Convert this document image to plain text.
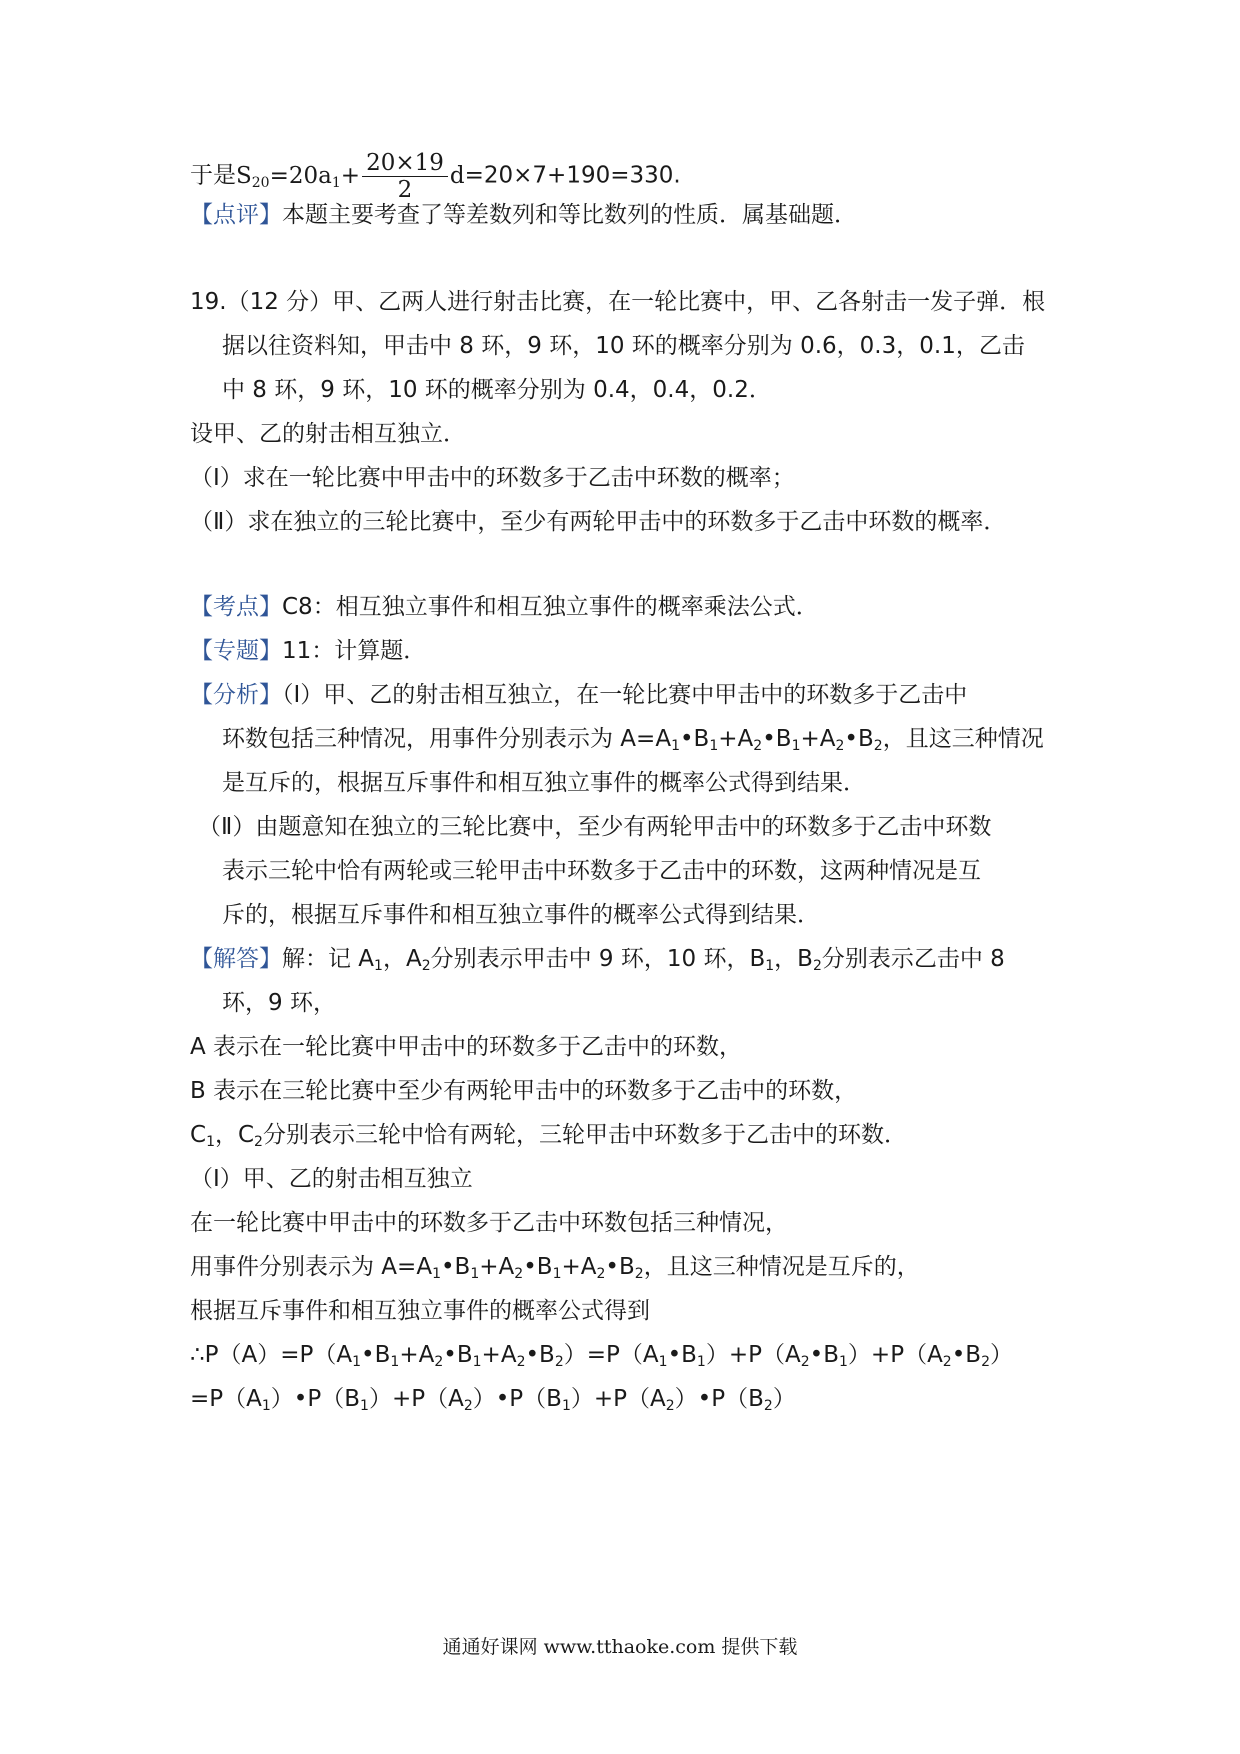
于是$S_{20}=20a_1+ \frac{20\times 19}{2} d=20\times 7+190=330$.
【点评】本题主要考查了等差数列和等比数列的性质．属基础题．
19.（12 分）甲、乙两人进行射击比赛，在一轮比赛中，甲、乙各射击一发子弹．根
据以往资料知，甲击中 8 环，9 环，10 环的概率分别为 0.6，0.3，0.1，乙击
中 8 环，9 环，10 环的概率分别为 0.4，0.4，0.2．
设甲、乙的射击相互独立．
（Ⅰ）求在一轮比赛中甲击中的环数多于乙击中环数的概率；
（Ⅱ）求在独立的三轮比赛中，至少有两轮甲击中的环数多于乙击中环数的概率．
【考点】C8：相互独立事件和相互独立事件的概率乘法公式．
【专题】11：计算题．
【分析】（Ⅰ）甲、乙的射击相互独立，在一轮比赛中甲击中的环数多于乙击中
环数包括三种情况，用事件分别表示为 $A=A_1•B_1+A_2•B_1+A_2•B_2$，且这三种情况
是互斥的，根据互斥事件和相互独立事件的概率公式得到结果．
（Ⅱ）由题意知在独立的三轮比赛中，至少有两轮甲击中的环数多于乙击中环数
表示三轮中恰有两轮或三轮甲击中环数多于乙击中的环数，这两种情况是互
斥的，根据互斥事件和相互独立事件的概率公式得到结果．
【解答】解：记 $A_1$，$A_2$分别表示甲击中 9 环，10 环，$B_1$，$B_2$分别表示乙击中 8
环，9 环，
A 表示在一轮比赛中甲击中的环数多于乙击中的环数，
B 表示在三轮比赛中至少有两轮甲击中的环数多于乙击中的环数，
$C_1$，$C_2$分别表示三轮中恰有两轮，三轮甲击中环数多于乙击中的环数．
（Ⅰ）甲、乙的射击相互独立
在一轮比赛中甲击中的环数多于乙击中环数包括三种情况，
用事件分别表示为 $A=A_1•B_1+A_2•B_1+A_2•B_2$，且这三种情况是互斥的，
根据互斥事件和相互独立事件的概率公式得到
$\therefore P(A)=P(A_1•B_1+A_2•B_1+A_2•B_2)=P(A_1•B_1)+P(A_2•B_1)+P(A_2•B_2)$
$=P(A_1)•P(B_1)+P(A_2)•P(B_1)+P(A_2)•P(B_2)$
通通好课网 www.tthaoke.com 提供下载
